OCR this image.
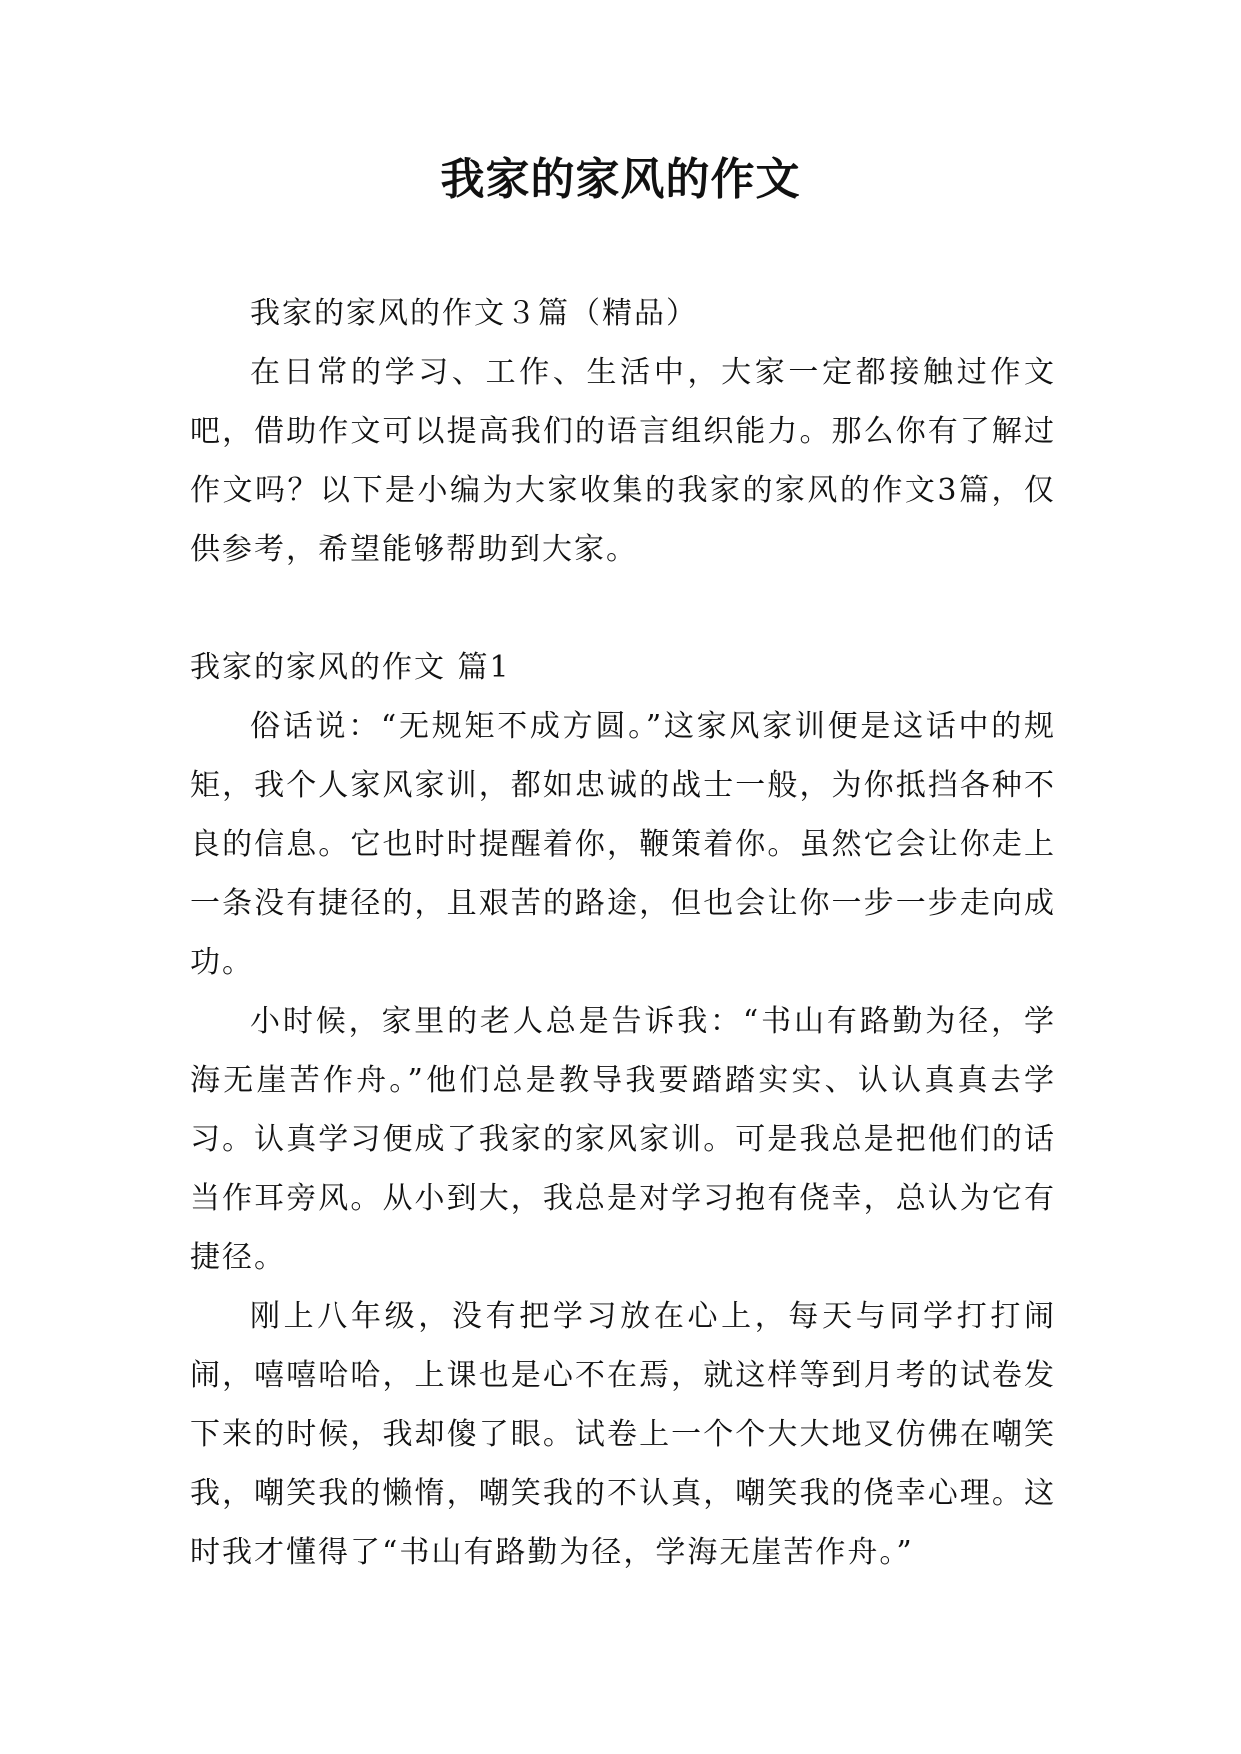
我家的家风的作文

我家的家风的作文３篇（精品）

在日常的学习、工作、生活中，大家一定都接触过作文吧，借助作文可以提高我们的语言组织能力。那么你有了解过作文吗？以下是小编为大家收集的我家的家风的作文3篇，仅供参考，希望能够帮助到大家。

我家的家风的作文 篇1

俗话说：“无规矩不成方圆。”这家风家训便是这话中的规矩，我个人家风家训，都如忠诚的战士一般，为你抵挡各种不良的信息。它也时时提醒着你，鞭策着你。虽然它会让你走上一条没有捷径的，且艰苦的路途，但也会让你一步一步走向成功。

小时候，家里的老人总是告诉我：“书山有路勤为径，学海无崖苦作舟。”他们总是教导我要踏踏实实、认认真真去学习。认真学习便成了我家的家风家训。可是我总是把他们的话当作耳旁风。从小到大，我总是对学习抱有侥幸，总认为它有捷径。

刚上八年级，没有把学习放在心上，每天与同学打打闹闹，嘻嘻哈哈，上课也是心不在焉，就这样等到月考的试卷发下来的时候，我却傻了眼。试卷上一个个大大地叉仿佛在嘲笑我，嘲笑我的懒惰，嘲笑我的不认真，嘲笑我的侥幸心理。这时我才懂得了“书山有路勤为径，学海无崖苦作舟。”
